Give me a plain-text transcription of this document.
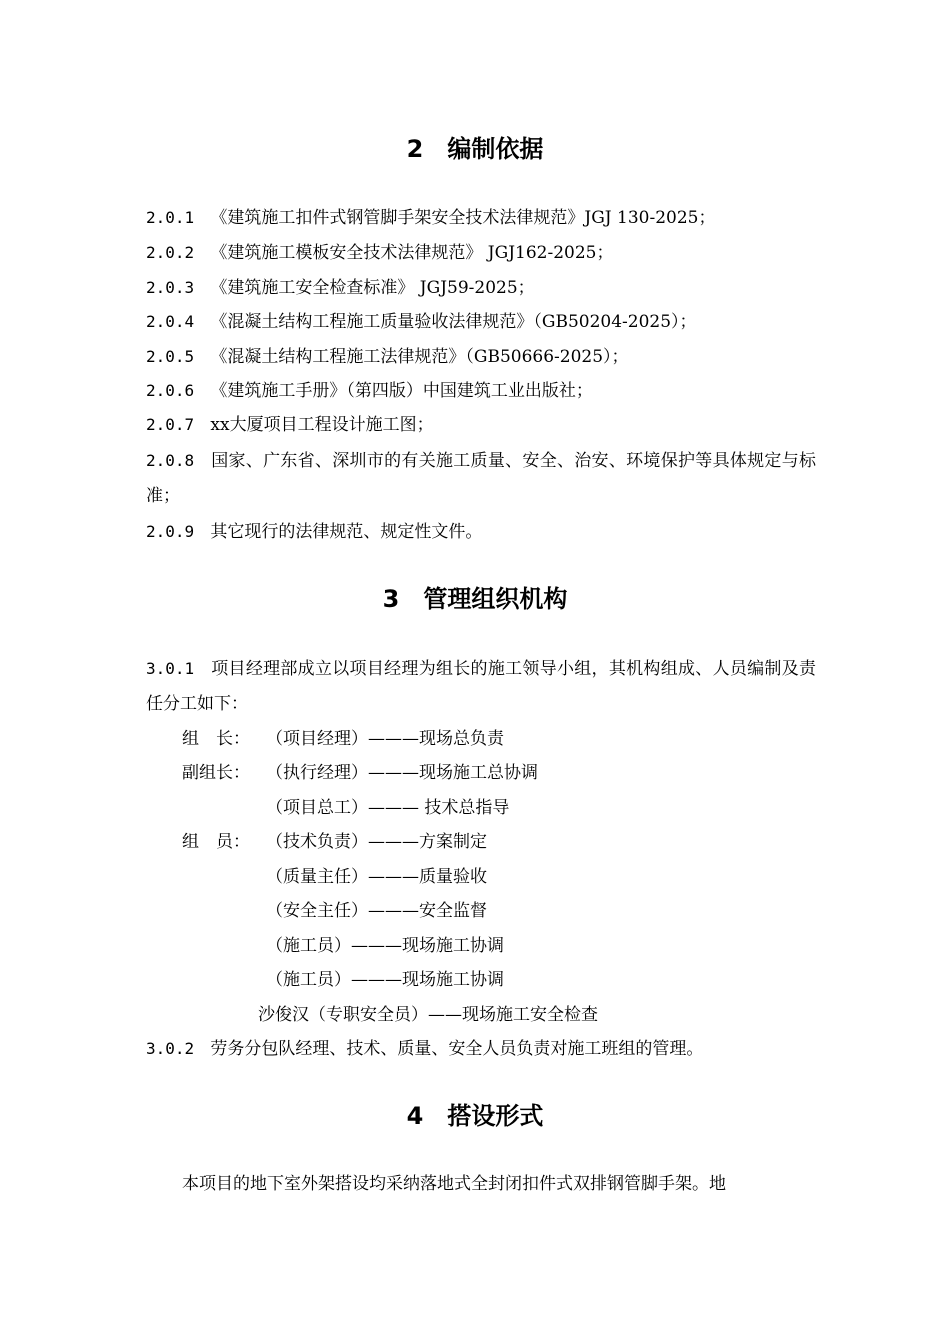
2 编制依据
2.0.1 《建筑施工扣件式钢管脚手架安全技术法律规范》JGJ 130-2025；
2.0.2 《建筑施工模板安全技术法律规范》 JGJ162-2025；
2.0.3 《建筑施工安全检查标准》 JGJ59-2025；
2.0.4 《混凝土结构工程施工质量验收法律规范》（GB50204-2025）；
2.0.5 《混凝土结构工程施工法律规范》（GB50666-2025）；
2.0.6 《建筑施工手册》（第四版）中国建筑工业出版社；
2.0.7 xx大厦项目工程设计施工图；
2.0.8 国家、广东省、深圳市的有关施工质量、安全、治安、环境保护等具体规定与标准；
2.0.9 其它现行的法律规范、规定性文件。
3 管理组织机构
3.0.1 项目经理部成立以项目经理为组长的施工领导小组，其机构组成、人员编制及责任分工如下：
组　长： （项目经理）———现场总负责
副组长： （执行经理）———现场施工总协调
（项目总工）——— 技术总指导
组　员： （技术负责）———方案制定
（质量主任）———质量验收
（安全主任）———安全监督
（施工员）———现场施工协调
（施工员）———现场施工协调
沙俊汉（专职安全员）——现场施工安全检查
3.0.2 劳务分包队经理、技术、质量、安全人员负责对施工班组的管理。
4 搭设形式
本项目的地下室外架搭设均采纳落地式全封闭扣件式双排钢管脚手架。地
